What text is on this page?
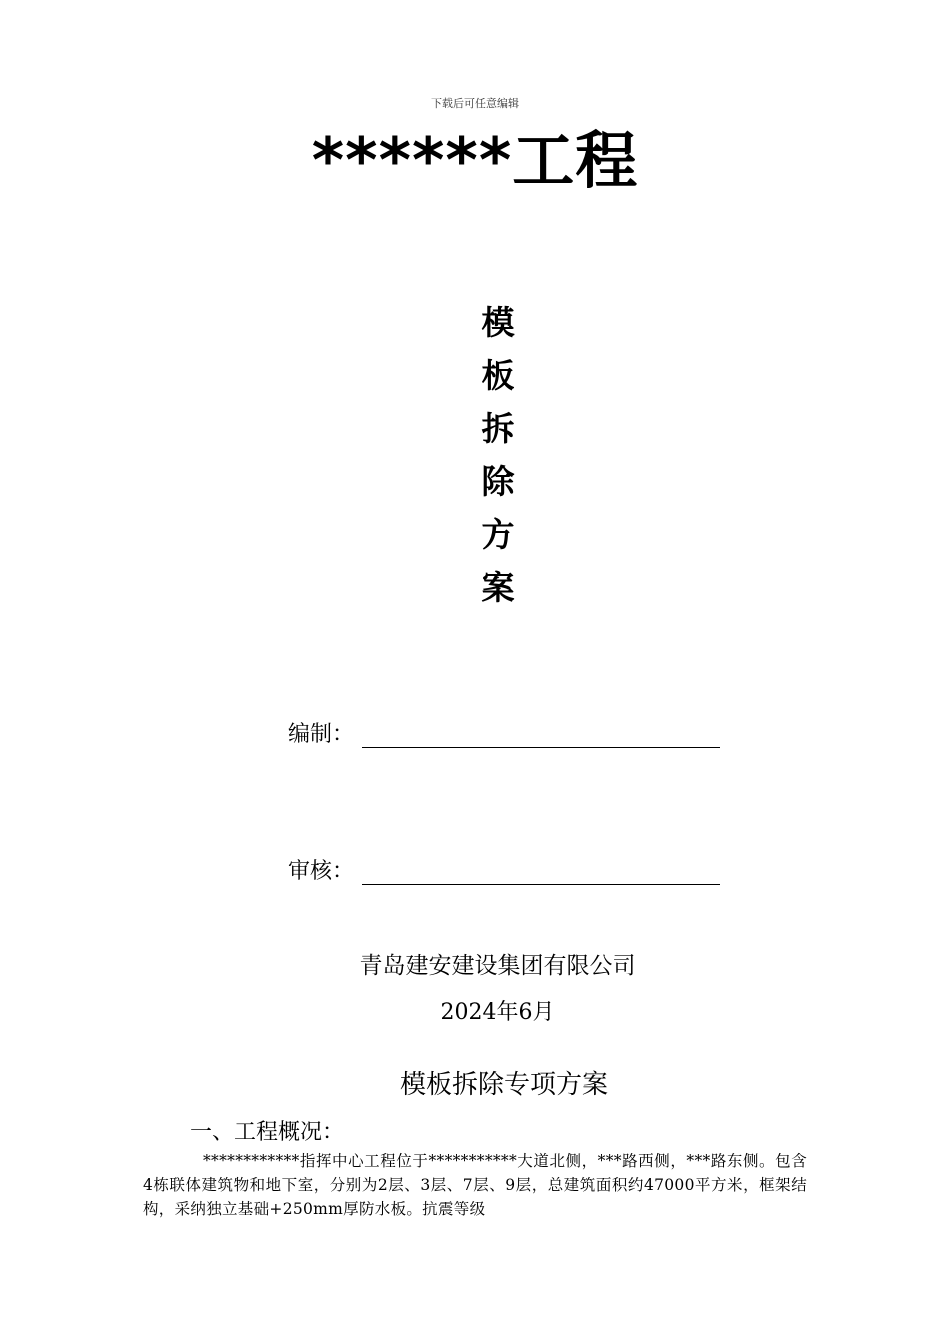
下载后可任意编辑
******工程
模
板
拆
除
方
案
编制：
审核：
青岛建安建设集团有限公司
2024年6月
模板拆除专项方案
一、工程概况：
************指挥中心工程位于***********大道北侧，***路西侧，***路东侧。包含4栋联体建筑物和地下室，分别为2层、3层、7层、9层，总建筑面积约47000平方米，框架结构，采纳独立基础+250mm厚防水板。抗震等级
